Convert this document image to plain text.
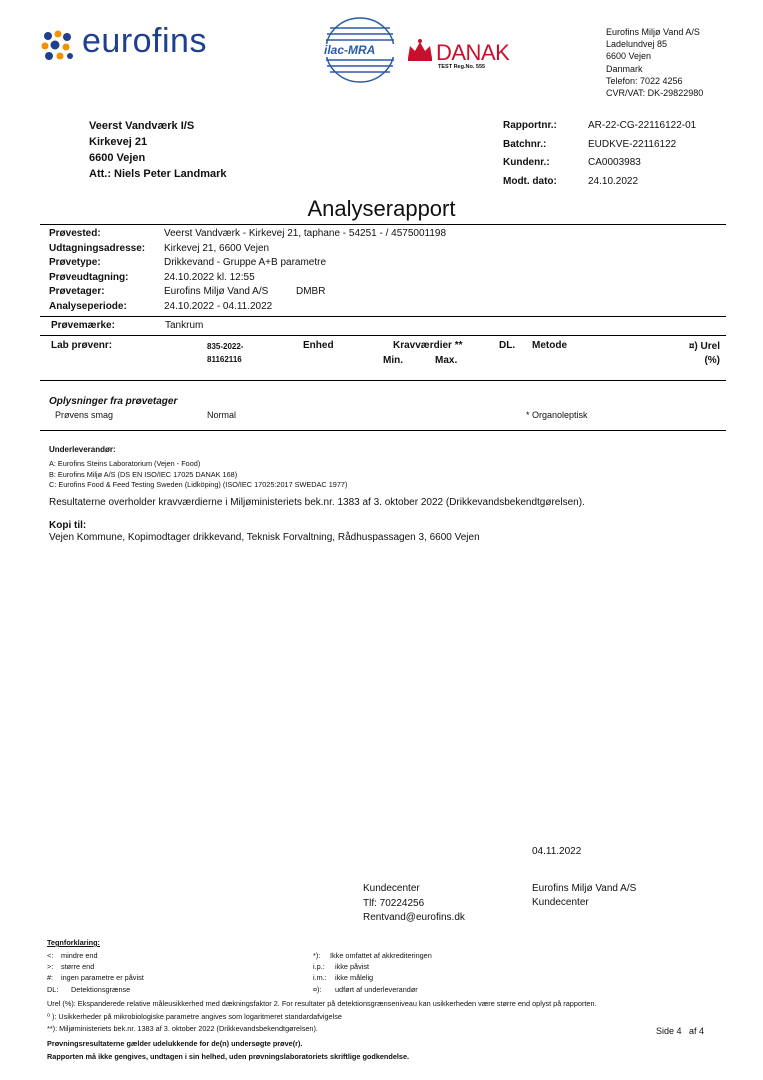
eurofins	ilac-MRA	DANAK
TEST Reg.No. 555
Eurofins Miljø Vand A/S
Ladelundvej 85
6600 Vejen
Danmark
Telefon: 7022 4256
CVR/VAT: DK-29822980
Veerst Vandværk I/S
Kirkevej 21
6600 Vejen
Att.: Niels Peter Landmark
Rapportnr.:	AR-22-CG-22116122-01
Batchnr.:	EUDKVE-22116122
Kundenr.:	CA0003983
Modt. dato:	24.10.2022
Analyserapport
Prøvested:	Veerst Vandværk - Kirkevej 21, taphane - 54251 - / 4575001198
Udtagningsadresse: Kirkevej 21, 6600 Vejen
Prøvetype:	Drikkevand - Gruppe A+B parametre
Prøveudtagning:	24.10.2022 kl. 12:55
Prøvetager:	Eurofins Miljø Vand A/S	DMBR
Analyseperiode:	24.10.2022 - 04.11.2022
Prøvemærke:	Tankrum
Lab prøvenr:	835-2022-
81162116
Enhed	Kravværdier **
Min.	Max.
DL. Metode	¤) Urel
(%)
Oplysninger fra prøvetager
Prøvens smag	Normal	* Organoleptisk
Underleverandør:
A: Eurofins Steins Laboratorium (Vejen - Food)
B: Eurofins Miljø A/S (DS EN ISO/IEC 17025 DANAK 168)
C: Eurofins Food & Feed Testing Sweden (Lidköping) (ISO/IEC 17025:2017 SWEDAC 1977)
Resultaterne overholder kravværdierne i Miljøministeriets bek.nr. 1383 af 3. oktober 2022 (Drikkevandsbekendtgørelsen).
Kopi til:
Vejen Kommune, Kopimodtager drikkevand, Teknisk Forvaltning, Rådhuspassagen 3, 6600 Vejen
04.11.2022
Kundecenter
Tlf: 70224256
Rentvand@eurofins.dk
Eurofins Miljø Vand A/S
Kundecenter
Tegnforklaring:
<: mindre end
>: større end
#: ingen parametre er påvist
DL: Detektionsgrænse
*): Ikke omfattet af akkrediteringen
i.p.: ikke påvist
i.m.: ikke målelig
¤): udført af underleverandør
Urel (%): Ekspanderede relative måleusikkerhed med dækningsfaktor 2. For resultater på detektionsgrænseniveau kan usikkerheden være større end oplyst på rapporten.
⁰ ): Usikkerheder på mikrobiologiske parametre angives som logaritmeret standardafvigelse
**): Miljøministeriets bek.nr. 1383 af 3. oktober 2022 (Drikkevandsbekendtgørelsen).	Side 4 af 4
Prøvningsresultaterne gælder udelukkende for de(n) undersøgte prøve(r).
Rapporten må ikke gengives, undtagen i sin helhed, uden prøvningslaboratoriets skriftlige godkendelse.
